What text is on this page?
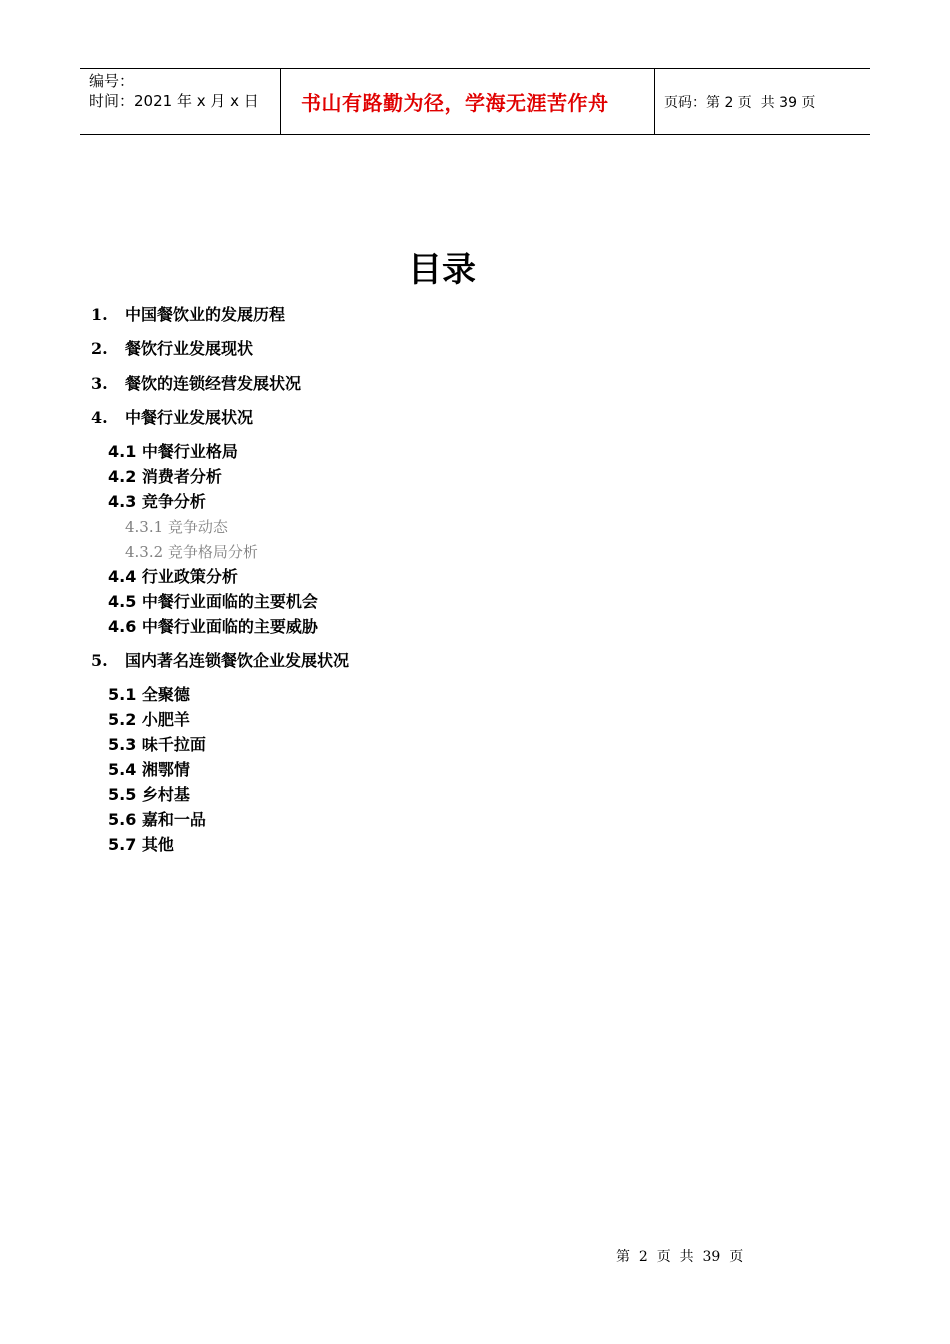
编号：
时间：2021 年 x 月 x 日	书山有路勤为径，学海无涯苦作舟	页码：第 2 页  共 39 页
目录
1. 中国餐饮业的发展历程
2. 餐饮行业发展现状
3. 餐饮的连锁经营发展状况
4. 中餐行业发展状况
4.1 中餐行业格局
4.2 消费者分析
4.3 竞争分析
4.3.1 竞争动态
4.3.2 竞争格局分析
4.4 行业政策分析
4.5 中餐行业面临的主要机会
4.6 中餐行业面临的主要威胁
5. 国内著名连锁餐饮企业发展状况
5.1 全聚德
5.2 小肥羊
5.3 味千拉面
5.4 湘鄂情
5.5 乡村基
5.6 嘉和一品
5.7 其他
第  2  页  共  39  页
